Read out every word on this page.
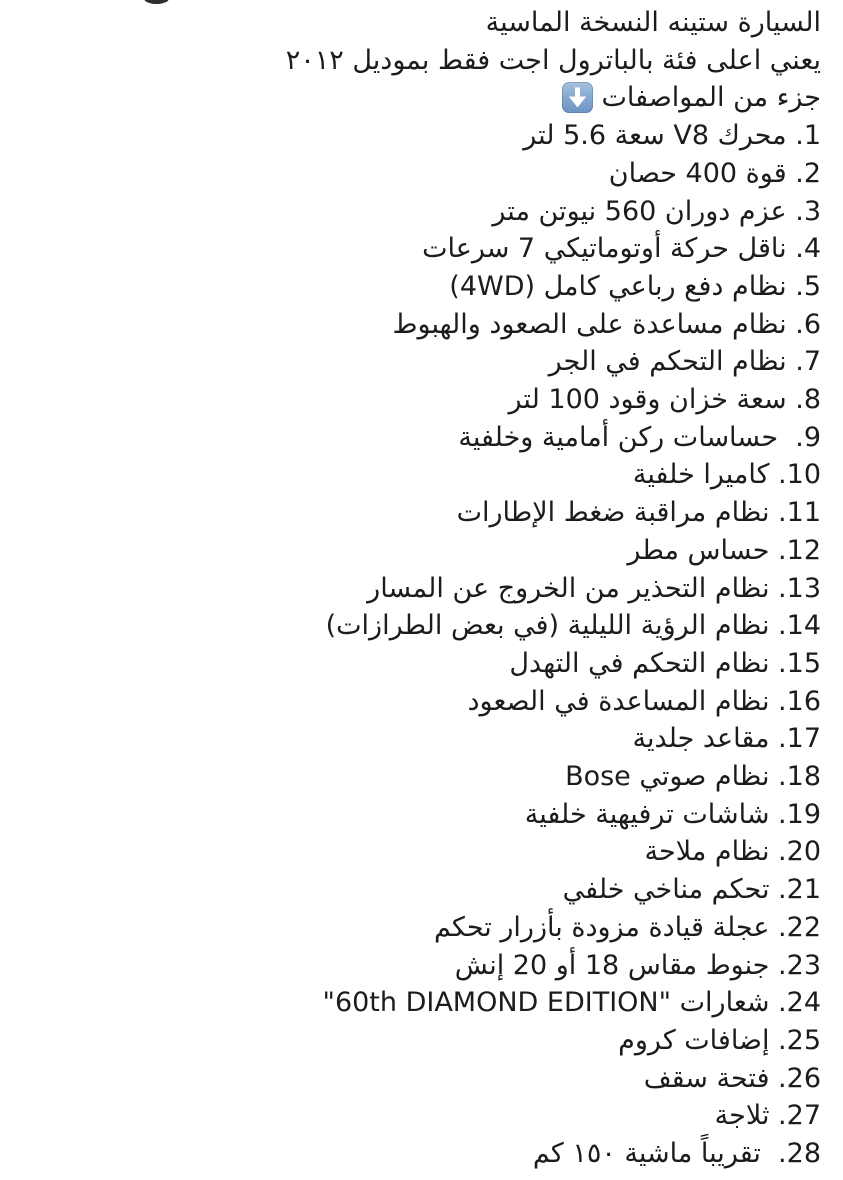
السيارة ستينه النسخة الماسية
يعني اعلى فئة بالباترول اجت فقط بموديل ٢٠١٢
جزء من المواصفات
1. محرك V8 سعة 5.6 لتر
2. قوة 400 حصان
3. عزم دوران 560 نيوتن متر
4. ناقل حركة أوتوماتيكي 7 سرعات
5. نظام دفع رباعي كامل (4WD)
6. نظام مساعدة على الصعود والهبوط
7. نظام التحكم في الجر
8. سعة خزان وقود 100 لتر
9.  حساسات ركن أمامية وخلفية
10. كاميرا خلفية
11. نظام مراقبة ضغط الإطارات
12. حساس مطر
13. نظام التحذير من الخروج عن المسار
14. نظام الرؤية الليلية (في بعض الطرازات)
15. نظام التحكم في التهدل
16. نظام المساعدة في الصعود
17. مقاعد جلدية
18. نظام صوتي Bose
19. شاشات ترفيهية خلفية
20. نظام ملاحة
21. تحكم مناخي خلفي
22. عجلة قيادة مزودة بأزرار تحكم
23. جنوط مقاس 18 أو 20 إنش
24. شعارات "60th DIAMOND EDITION"
25. إضافات كروم
26. فتحة سقف
27. ثلاجة
28.  تقريباً ماشية ١٥٠ كم
